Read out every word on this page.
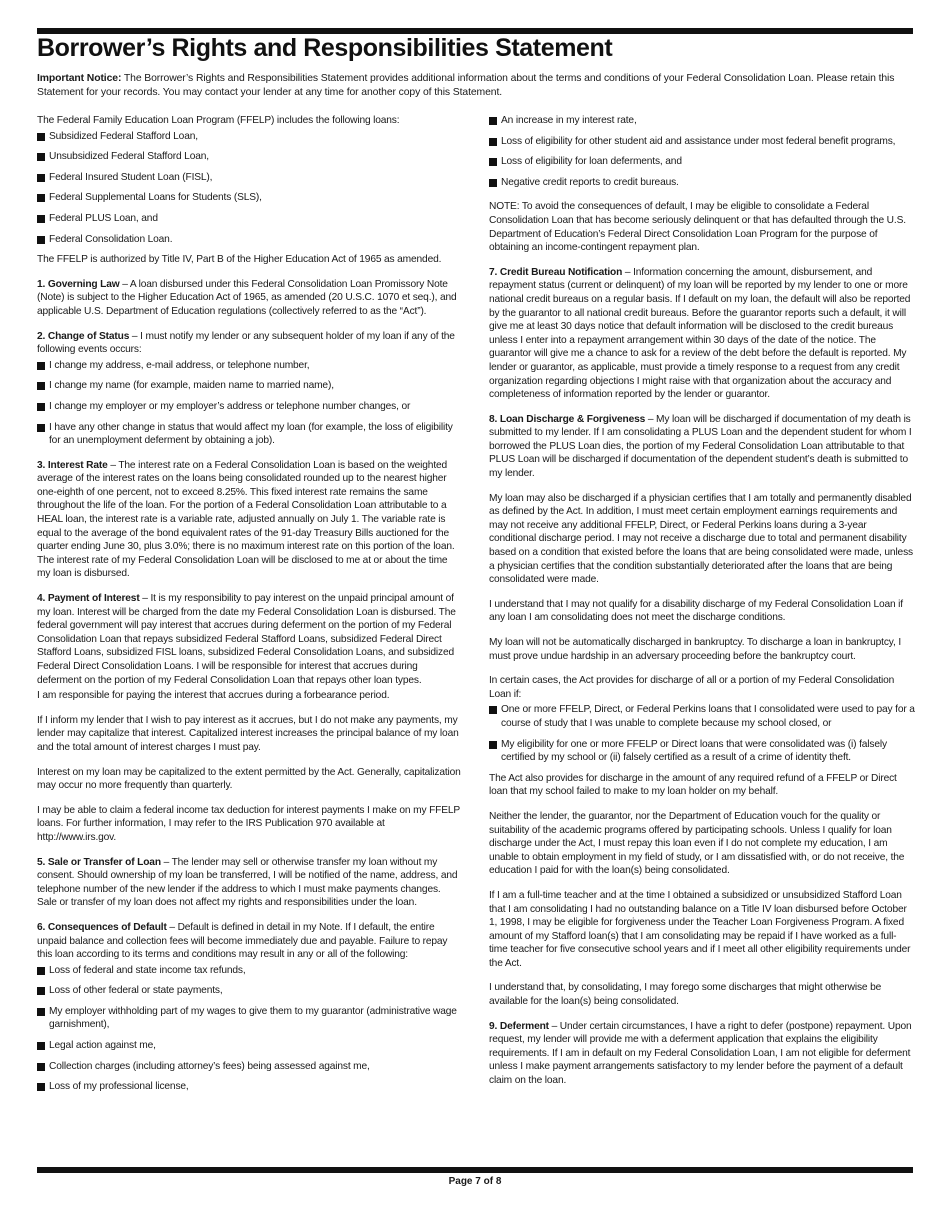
Borrower’s Rights and Responsibilities Statement
Important Notice: The Borrower’s Rights and Responsibilities Statement provides additional information about the terms and conditions of your Federal Consolidation Loan. Please retain this Statement for your records. You may contact your lender at any time for another copy of this Statement.

The Federal Family Education Loan Program (FFELP) includes the following loans:

Subsidized Federal Stafford Loan,
Unsubsidized Federal Stafford Loan,
Federal Insured Student Loan (FISL),
Federal Supplemental Loans for Students (SLS),
Federal PLUS Loan, and
Federal Consolidation Loan.

The FFELP is authorized by Title IV, Part B of the Higher Education Act of 1965 as amended.

1. Governing Law – A loan disbursed under this Federal Consolidation Loan Promissory Note (Note) is subject to the Higher Education Act of 1965, as amended (20 U.S.C. 1070 et seq.), and applicable U.S. Department of Education regulations (collectively referred to as the “Act”).

2. Change of Status – I must notify my lender or any subsequent holder of my loan if any of the following events occurs:

I change my address, e-mail address, or telephone number,
I change my name (for example, maiden name to married name),
I change my employer or my employer’s address or telephone number changes, or
I have any other change in status that would affect my loan (for example, the loss of eligibility for an unemployment deferment by obtaining a job).

3. Interest Rate – The interest rate on a Federal Consolidation Loan is based on the weighted average of the interest rates on the loans being consolidated rounded up to the nearest higher one-eighth of one percent, not to exceed 8.25%. This fixed interest rate remains the same throughout the life of the loan. For the portion of a Federal Consolidation Loan attributable to a HEAL loan, the interest rate is a variable rate, adjusted annually on July 1. The variable rate is equal to the average of the bond equivalent rates of the 91-day Treasury Bills auctioned for the quarter ending June 30, plus 3.0%; there is no maximum interest rate on this portion of the loan. The interest rate of my Federal Consolidation Loan will be disclosed to me at or about the time my loan is disbursed.

4. Payment of Interest – It is my responsibility to pay interest on the unpaid principal amount of my loan. Interest will be charged from the date my Federal Consolidation Loan is disbursed. The federal government will pay interest that accrues during deferment on the portion of my Federal Consolidation Loan that repays subsidized Federal Stafford Loans, subsidized Federal Direct Stafford Loans, subsidized FISL loans, subsidized Federal Consolidation Loans, and subsidized Federal Direct Consolidation Loans. I will be responsible for interest that accrues during deferment on the portion of my Federal Consolidation Loan that repays other loan types.

I am responsible for paying the interest that accrues during a forbearance period.

If I inform my lender that I wish to pay interest as it accrues, but I do not make any payments, my lender may capitalize that interest. Capitalized interest increases the principal balance of my loan and the total amount of interest charges I must pay.

Interest on my loan may be capitalized to the extent permitted by the Act. Generally, capitalization may occur no more frequently than quarterly.

I may be able to claim a federal income tax deduction for interest payments I make on my FFELP loans. For further information, I may refer to the IRS Publication 970 available at http://www.irs.gov.

5. Sale or Transfer of Loan – The lender may sell or otherwise transfer my loan without my consent. Should ownership of my loan be transferred, I will be notified of the name, address, and telephone number of the new lender if the address to which I must make payments changes. Sale or transfer of my loan does not affect my rights and responsibilities under the loan.

6. Consequences of Default – Default is defined in detail in my Note. If I default, the entire unpaid balance and collection fees will become immediately due and payable. Failure to repay this loan according to its terms and conditions may result in any or all of the following:

Loss of federal and state income tax refunds,
Loss of other federal or state payments,
My employer withholding part of my wages to give them to my guarantor (administrative wage garnishment),
Legal action against me,
Collection charges (including attorney’s fees) being assessed against me,
Loss of my professional license,
An increase in my interest rate,
Loss of eligibility for other student aid and assistance under most federal benefit programs,
Loss of eligibility for loan deferments, and
Negative credit reports to credit bureaus.

NOTE: To avoid the consequences of default, I may be eligible to consolidate a Federal Consolidation Loan that has become seriously delinquent or that has defaulted through the U.S. Department of Education’s Federal Direct Consolidation Loan Program for the purpose of obtaining an income-contingent repayment plan.

7. Credit Bureau Notification – Information concerning the amount, disbursement, and repayment status (current or delinquent) of my loan will be reported by my lender to one or more national credit bureaus on a regular basis. If I default on my loan, the default will also be reported by the guarantor to all national credit bureaus. Before the guarantor reports such a default, it will give me at least 30 days notice that default information will be disclosed to the credit bureaus unless I enter into a repayment arrangement within 30 days of the date of the notice. The guarantor will give me a chance to ask for a review of the debt before the default is reported. My lender or guarantor, as applicable, must provide a timely response to a request from any credit organization regarding objections I might raise with that organization about the accuracy and completeness of information reported by the lender or guarantor.

8. Loan Discharge & Forgiveness – My loan will be discharged if documentation of my death is submitted to my lender. If I am consolidating a PLUS Loan and the dependent student for whom I borrowed the PLUS Loan dies, the portion of my Federal Consolidation Loan attributable to that PLUS Loan will be discharged if documentation of the dependent student’s death is submitted to my lender.

My loan may also be discharged if a physician certifies that I am totally and permanently disabled as defined by the Act. In addition, I must meet certain employment earnings requirements and may not receive any additional FFELP, Direct, or Federal Perkins loans during a 3-year conditional discharge period. I may not receive a discharge due to total and permanent disability based on a condition that existed before the loans that are being consolidated were made, unless a physician certifies that the condition substantially deteriorated after the loans that are being consolidated were made.

I understand that I may not qualify for a disability discharge of my Federal Consolidation Loan if any loan I am consolidating does not meet the discharge conditions.

My loan will not be automatically discharged in bankruptcy. To discharge a loan in bankruptcy, I must prove undue hardship in an adversary proceeding before the bankruptcy court.

In certain cases, the Act provides for discharge of all or a portion of my Federal Consolidation Loan if:

One or more FFELP, Direct, or Federal Perkins loans that I consolidated were used to pay for a course of study that I was unable to complete because my school closed, or
My eligibility for one or more FFELP or Direct loans that were consolidated was (i) falsely certified by my school or (ii) falsely certified as a result of a crime of identity theft.

The Act also provides for discharge in the amount of any required refund of a FFELP or Direct loan that my school failed to make to my loan holder on my behalf.

Neither the lender, the guarantor, nor the Department of Education vouch for the quality or suitability of the academic programs offered by participating schools. Unless I qualify for loan discharge under the Act, I must repay this loan even if I do not complete my education, I am unable to obtain employment in my field of study, or I am dissatisfied with, or do not receive, the education I paid for with the loan(s) being consolidated.

If I am a full-time teacher and at the time I obtained a subsidized or unsubsidized Stafford Loan that I am consolidating I had no outstanding balance on a Title IV loan disbursed before October 1, 1998, I may be eligible for forgiveness under the Teacher Loan Forgiveness Program. A fixed amount of my Stafford loan(s) that I am consolidating may be repaid if I have worked as a full-time teacher for five consecutive school years and if I meet all other eligibility requirements under the Act.

I understand that, by consolidating, I may forego some discharges that might otherwise be available for the loan(s) being consolidated.

9. Deferment – Under certain circumstances, I have a right to defer (postpone) repayment. Upon request, my lender will provide me with a deferment application that explains the eligibility requirements. If I am in default on my Federal Consolidation Loan, I am not eligible for deferment unless I make payment arrangements satisfactory to my lender before the payment of a default claim on the loan.

Page 7 of 8
